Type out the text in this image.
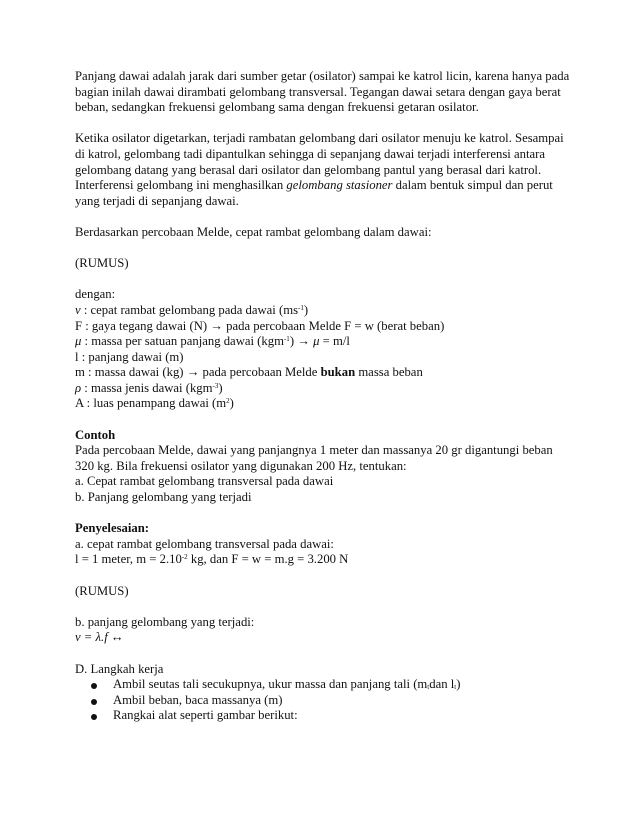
Panjang dawai adalah jarak dari sumber getar (osilator) sampai ke katrol licin, karena hanya pada
bagian inilah dawai dirambati gelombang transversal. Tegangan dawai setara dengan gaya berat
beban, sedangkan frekuensi gelombang sama dengan frekuensi getaran osilator.
Ketika osilator digetarkan, terjadi rambatan gelombang dari osilator menuju ke katrol. Sesampai
di katrol, gelombang tadi dipantulkan sehingga di sepanjang dawai terjadi interferensi antara
gelombang datang yang berasal dari osilator dan gelombang pantul yang berasal dari katrol.
Interferensi gelombang ini menghasilkan gelombang stasioner dalam bentuk simpul dan perut
yang terjadi di sepanjang dawai.
Berdasarkan percobaan Melde, cepat rambat gelombang dalam dawai:
(RUMUS)
dengan:
v : cepat rambat gelombang pada dawai $(ms^{-1})$
F : gaya tegang dawai (N) → pada percobaan Melde F = w (berat beban)
μ : massa per satuan panjang dawai (kgm$^{-1}$) → μ = m/l
l : panjang dawai (m)
m : massa dawai (kg) → pada percobaan Melde bukan massa beban
ρ : massa jenis dawai (kgm$^{-3}$)
A : luas penampang dawai $(m^2)$
Contoh
Pada percobaan Melde, dawai yang panjangnya 1 meter dan massanya 20 gr digantungi beban
320 kg. Bila frekuensi osilator yang digunakan 200 Hz, tentukan:
a. Cepat rambat gelombang transversal pada dawai
b. Panjang gelombang yang terjadi
Penyelesaian:
a. cepat rambat gelombang transversal pada dawai:
l = 1 meter, $m = 2.10^{-2}$ kg, dan F = w = m.g = 3.200 N
(RUMUS)
b. panjang gelombang yang terjadi:
v = λ.f ↔
D. Langkah kerja
Ambil seutas tali secukupnya, ukur massa dan panjang tali ($m_tdan$ $l_t$)
Ambil beban, baca massanya (m)
Rangkai alat seperti gambar berikut:
